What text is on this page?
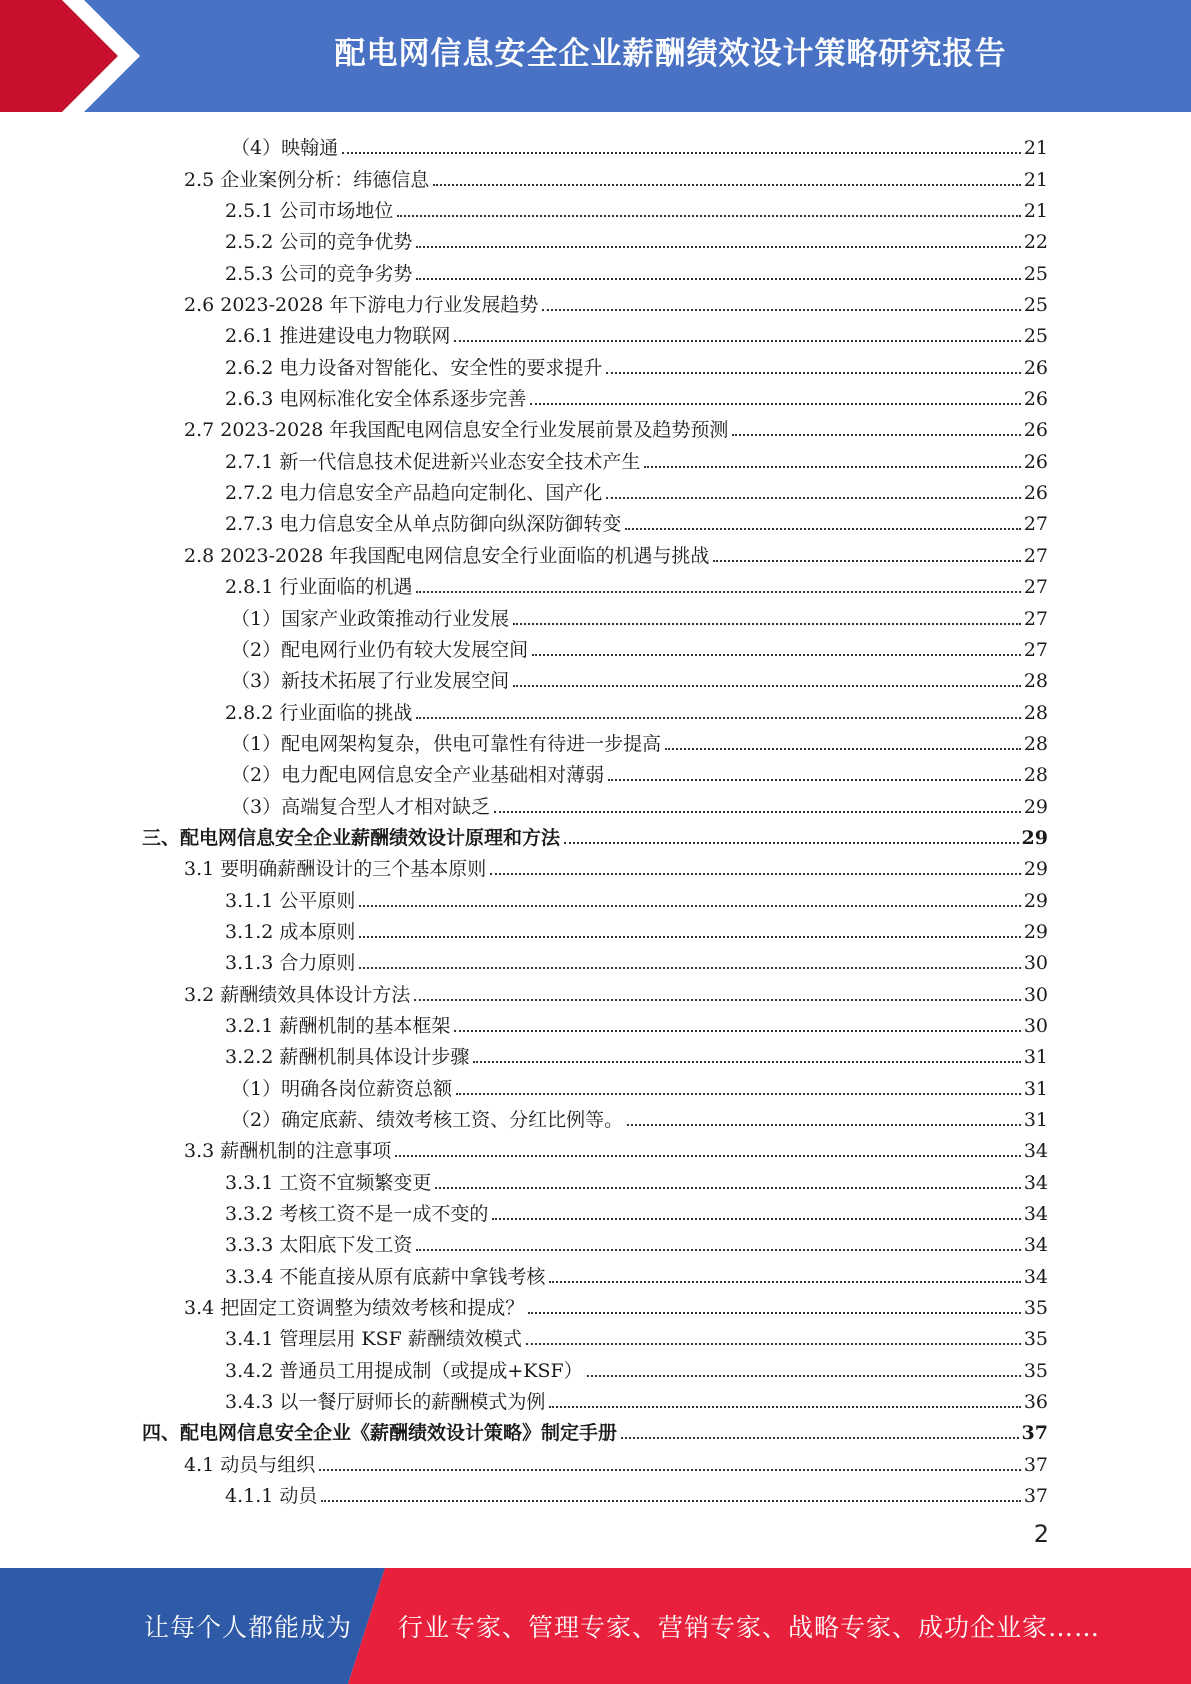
配电网信息安全企业薪酬绩效设计策略研究报告
（4）映翰通	21
2.5 企业案例分析：纬德信息	21
2.5.1 公司市场地位	21
2.5.2 公司的竞争优势	22
2.5.3 公司的竞争劣势	25
2.6 2023-2028 年下游电力行业发展趋势	25
2.6.1 推进建设电力物联网	25
2.6.2 电力设备对智能化、安全性的要求提升	26
2.6.3 电网标准化安全体系逐步完善	26
2.7 2023-2028 年我国配电网信息安全行业发展前景及趋势预测	26
2.7.1 新一代信息技术促进新兴业态安全技术产生	26
2.7.2 电力信息安全产品趋向定制化、国产化	26
2.7.3 电力信息安全从单点防御向纵深防御转变	27
2.8 2023-2028 年我国配电网信息安全行业面临的机遇与挑战	27
2.8.1 行业面临的机遇	27
（1）国家产业政策推动行业发展	27
（2）配电网行业仍有较大发展空间	27
（3）新技术拓展了行业发展空间	28
2.8.2 行业面临的挑战	28
（1）配电网架构复杂，供电可靠性有待进一步提高	28
（2）电力配电网信息安全产业基础相对薄弱	28
（3）高端复合型人才相对缺乏	29
三、配电网信息安全企业薪酬绩效设计原理和方法	29
3.1 要明确薪酬设计的三个基本原则	29
3.1.1 公平原则	29
3.1.2 成本原则	29
3.1.3 合力原则	30
3.2 薪酬绩效具体设计方法	30
3.2.1 薪酬机制的基本框架	30
3.2.2 薪酬机制具体设计步骤	31
（1）明确各岗位薪资总额	31
（2）确定底薪、绩效考核工资、分红比例等。	31
3.3 薪酬机制的注意事项	34
3.3.1 工资不宜频繁变更	34
3.3.2 考核工资不是一成不变的	34
3.3.3 太阳底下发工资	34
3.3.4 不能直接从原有底薪中拿钱考核	34
3.4 把固定工资调整为绩效考核和提成？	35
3.4.1 管理层用 KSF 薪酬绩效模式	35
3.4.2 普通员工用提成制（或提成+KSF）	35
3.4.3 以一餐厅厨师长的薪酬模式为例	36
四、配电网信息安全企业《薪酬绩效设计策略》制定手册	37
4.1 动员与组织	37
4.1.1 动员	37
2
让每个人都能成为 行业专家、管理专家、营销专家、战略专家、成功企业家……
